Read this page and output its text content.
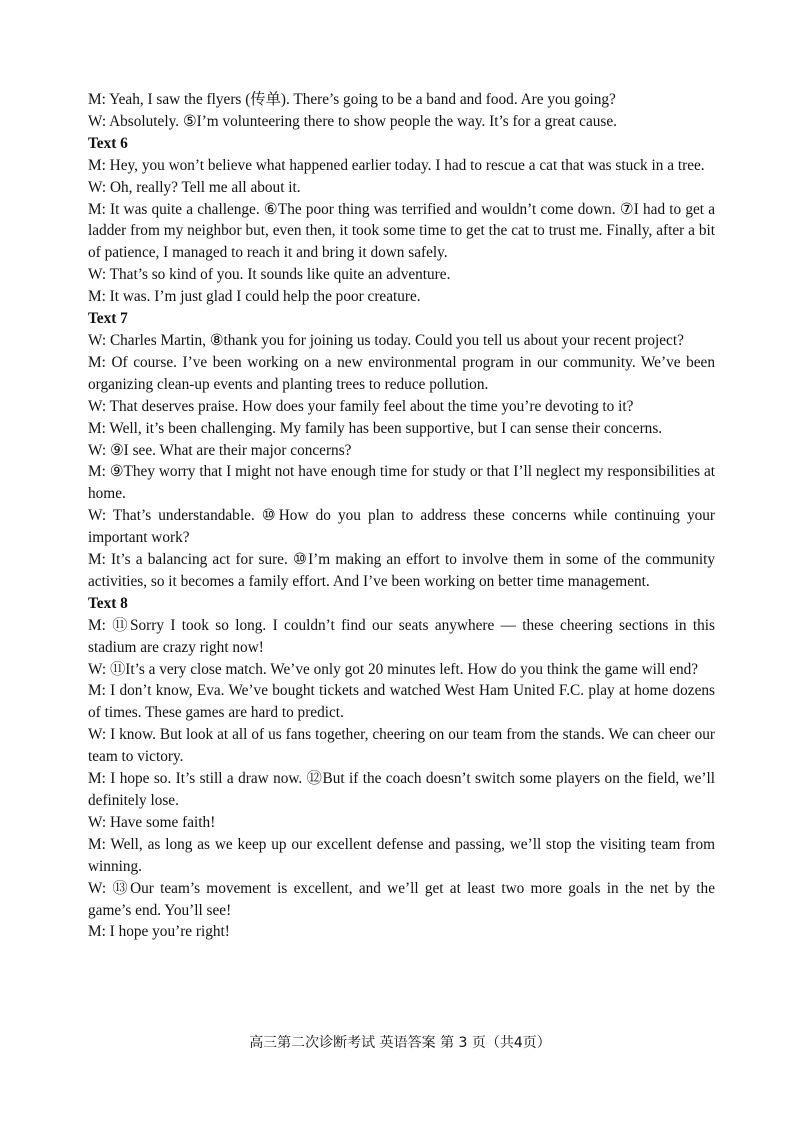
M: Yeah, I saw the flyers (传单). There’s going to be a band and food. Are you going?

W: Absolutely. ⑤I’m volunteering there to show people the way. It’s for a great cause.

Text 6

M: Hey, you won’t believe what happened earlier today. I had to rescue a cat that was stuck in a tree.

W: Oh, really? Tell me all about it.

M: It was quite a challenge. ⑥The poor thing was terrified and wouldn’t come down. ⑦I had to get a ladder from my neighbor but, even then, it took some time to get the cat to trust me. Finally, after a bit of patience, I managed to reach it and bring it down safely.

W: That’s so kind of you. It sounds like quite an adventure.

M: It was. I’m just glad I could help the poor creature.

Text 7

W: Charles Martin, ⑧thank you for joining us today. Could you tell us about your recent project?

M: Of course. I’ve been working on a new environmental program in our community. We’ve been organizing clean-up events and planting trees to reduce pollution.

W: That deserves praise. How does your family feel about the time you’re devoting to it?

M: Well, it’s been challenging. My family has been supportive, but I can sense their concerns.

W: ⑨I see. What are their major concerns?

M: ⑨They worry that I might not have enough time for study or that I’ll neglect my responsibilities at home.

W: That’s understandable. ⑩How do you plan to address these concerns while continuing your important work?

M: It’s a balancing act for sure. ⑩I’m making an effort to involve them in some of the community activities, so it becomes a family effort. And I’ve been working on better time management.

Text 8

M: ⑪Sorry I took so long. I couldn’t find our seats anywhere — these cheering sections in this stadium are crazy right now!

W: ⑪It’s a very close match. We’ve only got 20 minutes left. How do you think the game will end?

M: I don’t know, Eva. We’ve bought tickets and watched West Ham United F.C. play at home dozens of times. These games are hard to predict.

W: I know. But look at all of us fans together, cheering on our team from the stands. We can cheer our team to victory.

M: I hope so. It’s still a draw now. ⑫But if the coach doesn’t switch some players on the field, we’ll definitely lose.

W: Have some faith!

M: Well, as long as we keep up our excellent defense and passing, we’ll stop the visiting team from winning.

W: ⑬Our team’s movement is excellent, and we’ll get at least two more goals in the net by the game’s end. You’ll see!

M: I hope you’re right!

高三第二次诊断考试 英语答案 第 3 页（共4页）
